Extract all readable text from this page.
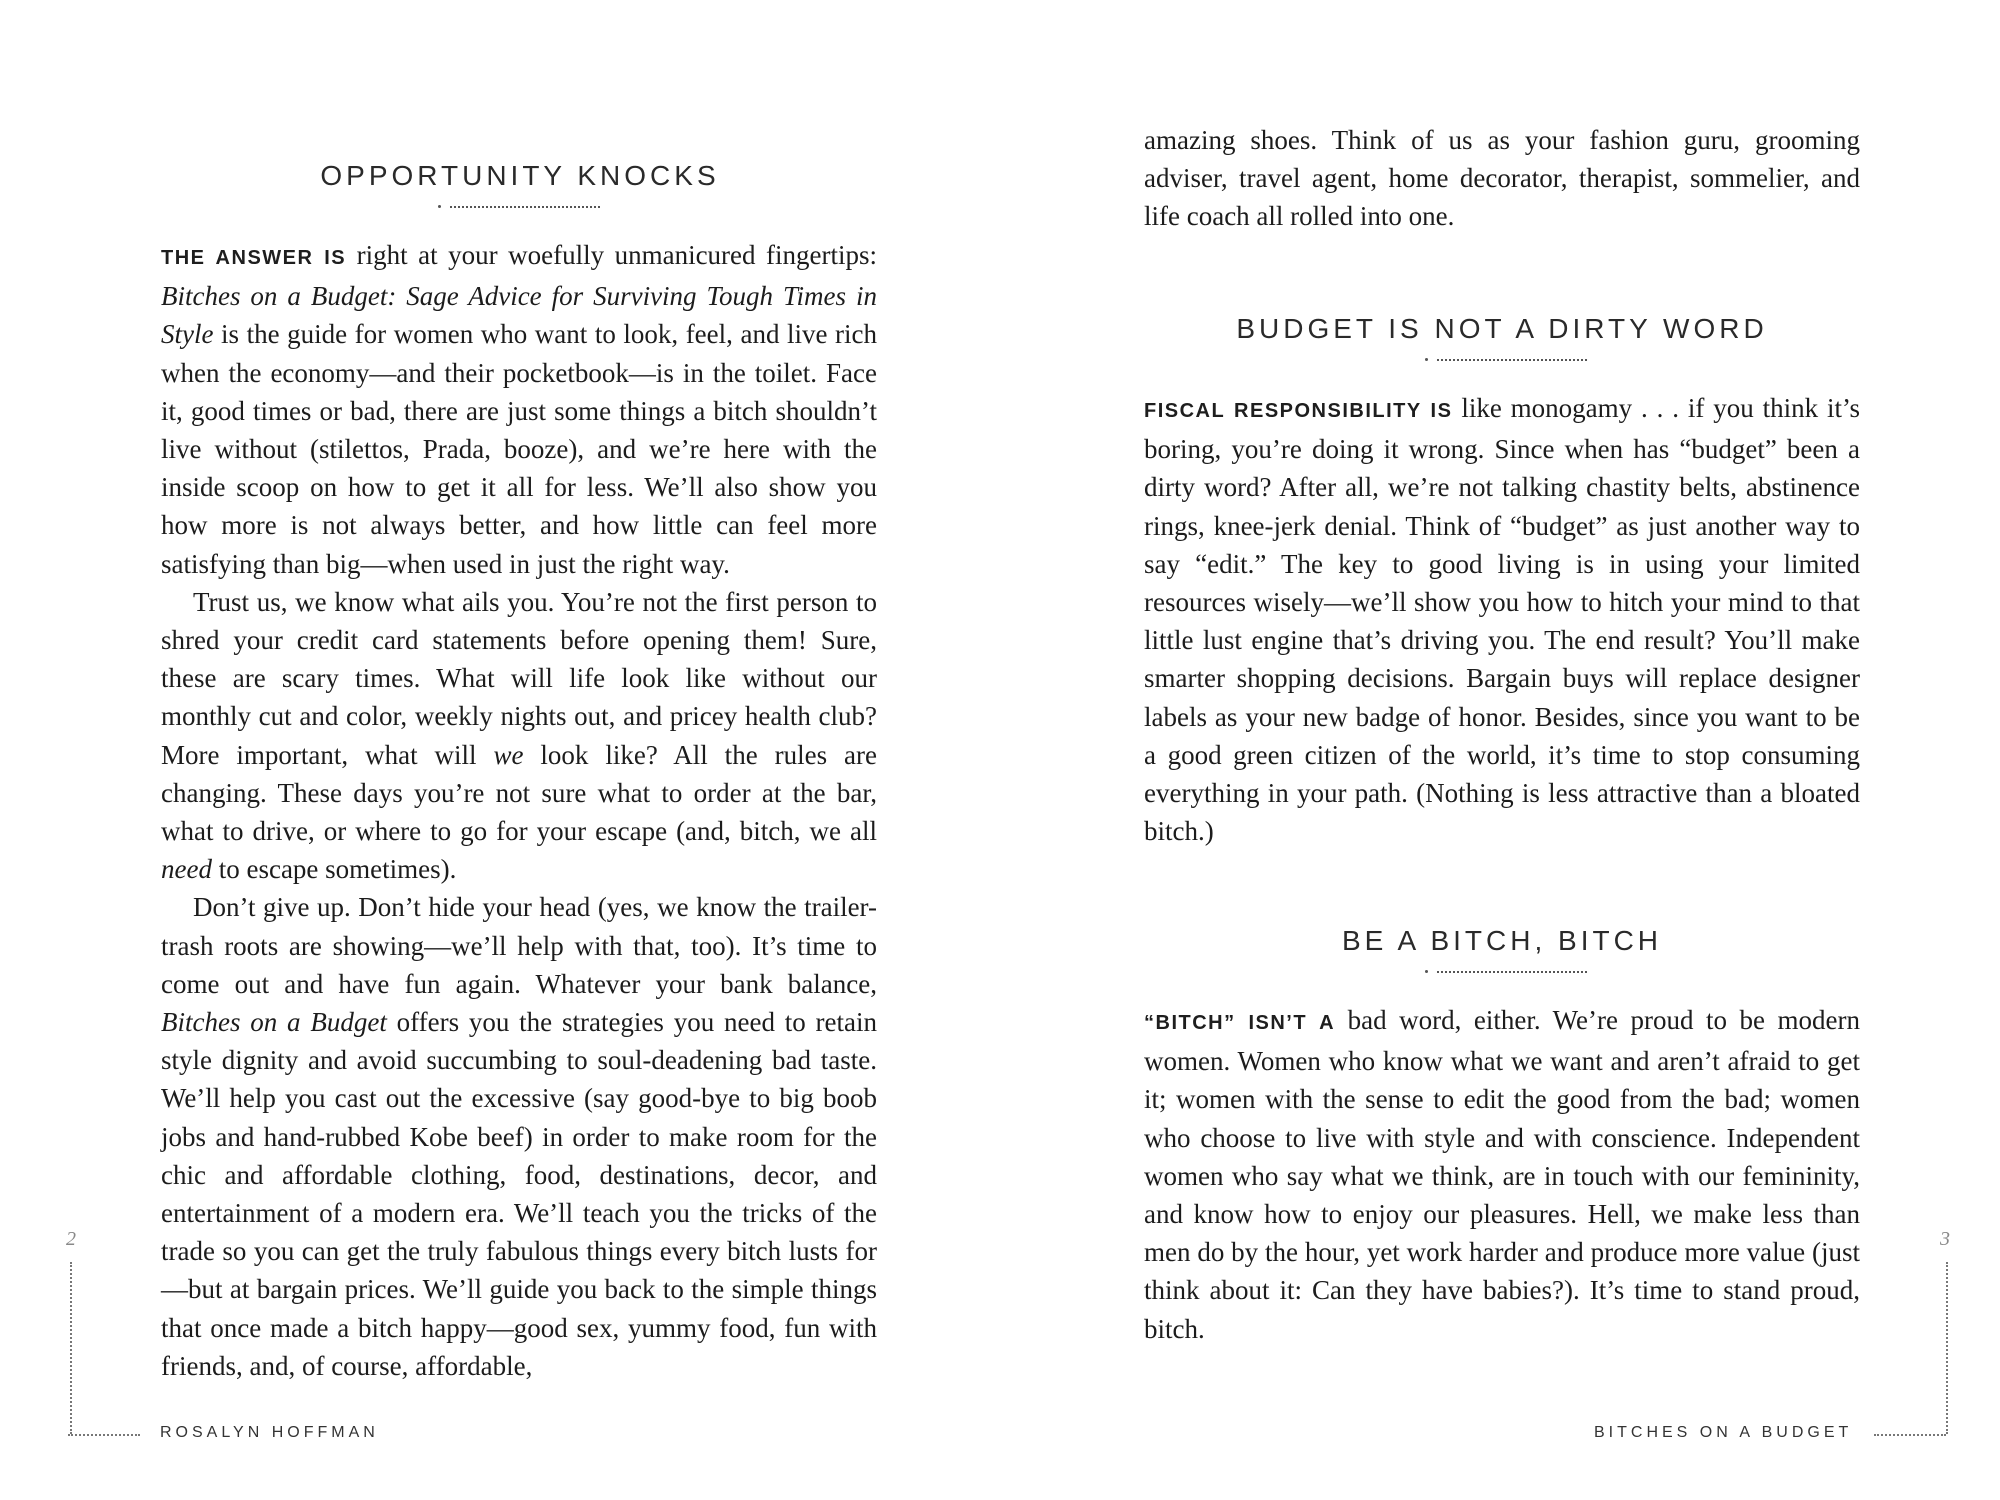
OPPORTUNITY KNOCKS

THE ANSWER IS right at your woefully unmanicured fingertips: Bitches on a Budget: Sage Advice for Surviving Tough Times in Style is the guide for women who want to look, feel, and live rich when the economy—and their pocketbook—is in the toilet. Face it, good times or bad, there are just some things a bitch shouldn’t live without (stilettos, Prada, booze), and we’re here with the inside scoop on how to get it all for less. We’ll also show you how more is not always better, and how little can feel more satisfying than big—when used in just the right way.

Trust us, we know what ails you. You’re not the first person to shred your credit card statements before opening them! Sure, these are scary times. What will life look like without our monthly cut and color, weekly nights out, and pricey health club? More important, what will we look like? All the rules are changing. These days you’re not sure what to order at the bar, what to drive, or where to go for your escape (and, bitch, we all need to escape sometimes).

Don’t give up. Don’t hide your head (yes, we know the trailer-trash roots are showing—we’ll help with that, too). It’s time to come out and have fun again. Whatever your bank balance, Bitches on a Budget offers you the strategies you need to retain style dignity and avoid succumbing to soul-deadening bad taste. We’ll help you cast out the excessive (say good-bye to big boob jobs and hand-rubbed Kobe beef) in order to make room for the chic and affordable clothing, food, destinations, decor, and entertainment of a modern era. We’ll teach you the tricks of the trade so you can get the truly fabulous things every bitch lusts for—but at bargain prices. We’ll guide you back to the simple things that once made a bitch happy—good sex, yummy food, fun with friends, and, of course, affordable,

2
ROSALYN HOFFMAN

amazing shoes. Think of us as your fashion guru, grooming adviser, travel agent, home decorator, therapist, sommelier, and life coach all rolled into one.

BUDGET IS NOT A DIRTY WORD

FISCAL RESPONSIBILITY IS like monogamy . . . if you think it’s boring, you’re doing it wrong. Since when has “budget” been a dirty word? After all, we’re not talking chastity belts, abstinence rings, knee-jerk denial. Think of “budget” as just another way to say “edit.” The key to good living is in using your limited resources wisely—we’ll show you how to hitch your mind to that little lust engine that’s driving you. The end result? You’ll make smarter shopping decisions. Bargain buys will replace designer labels as your new badge of honor. Besides, since you want to be a good green citizen of the world, it’s time to stop consuming everything in your path. (Nothing is less attractive than a bloated bitch.)

BE A BITCH, BITCH

“BITCH” ISN’T A bad word, either. We’re proud to be modern women. Women who know what we want and aren’t afraid to get it; women with the sense to edit the good from the bad; women who choose to live with style and with conscience. Independent women who say what we think, are in touch with our femininity, and know how to enjoy our pleasures. Hell, we make less than men do by the hour, yet work harder and produce more value (just think about it: Can they have babies?). It’s time to stand proud, bitch.

3
BITCHES ON A BUDGET
